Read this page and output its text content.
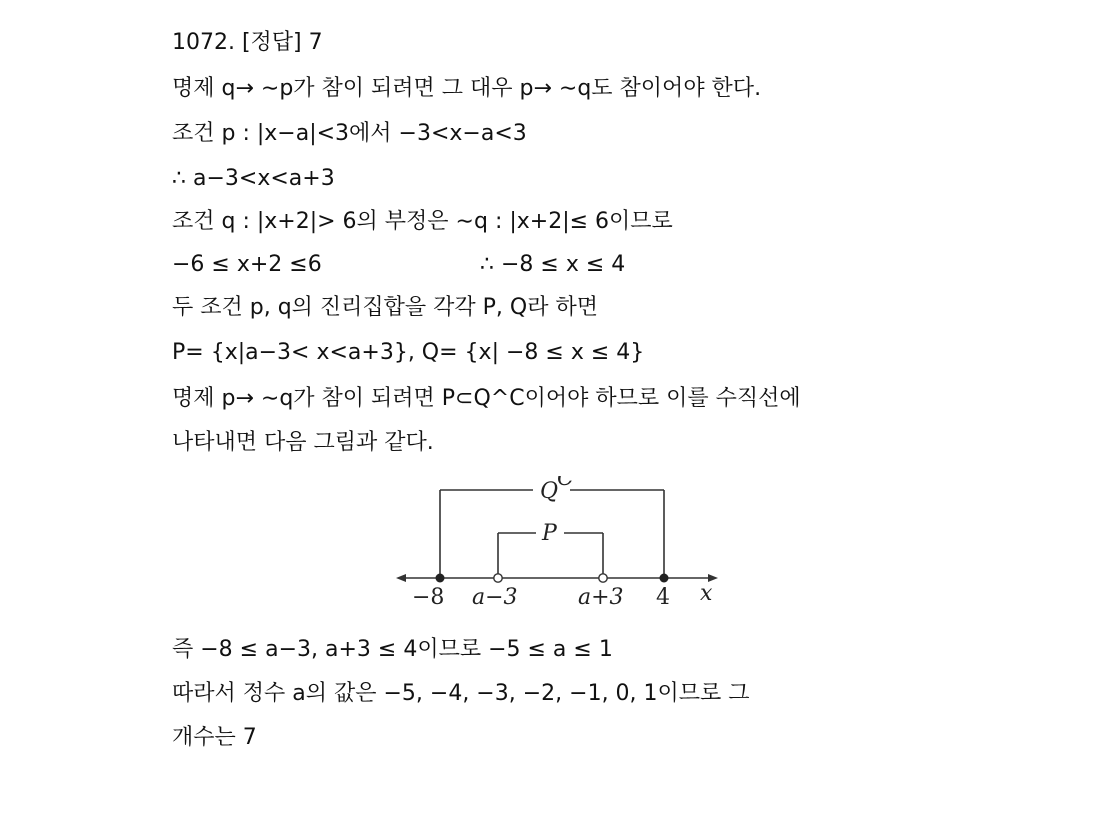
1072. [정답] 7
명제 q→ ∼p가 참이 되려면 그 대우 p→ ∼q도 참이어야 한다.
조건 p : |x−a|<3에서 −3<x−a<3
∴ a−3<x<a+3
조건 q : |x+2|> 6의 부정은 ∼q : |x+2|≤ 6이므로
−6 ≤ x+2 ≤6	∴ −8 ≤ x ≤ 4
두 조건 p, q의 진리집합을 각각 P, Q라 하면
P= {x|a−3< x<a+3}, Q= {x| −8 ≤ x ≤ 4}
명제 p→ ∼q가 참이 되려면 P⊂Q^C이어야 하므로 이를 수직선에
나타내면 다음 그림과 같다.
즉 −8 ≤ a−3, a+3 ≤ 4이므로 −5 ≤ a ≤ 1
따라서 정수 a의 값은 −5, −4, −3, −2, −1, 0, 1이므로 그
개수는 7
Q
C
P
−8 a−3	a+3 4 x
